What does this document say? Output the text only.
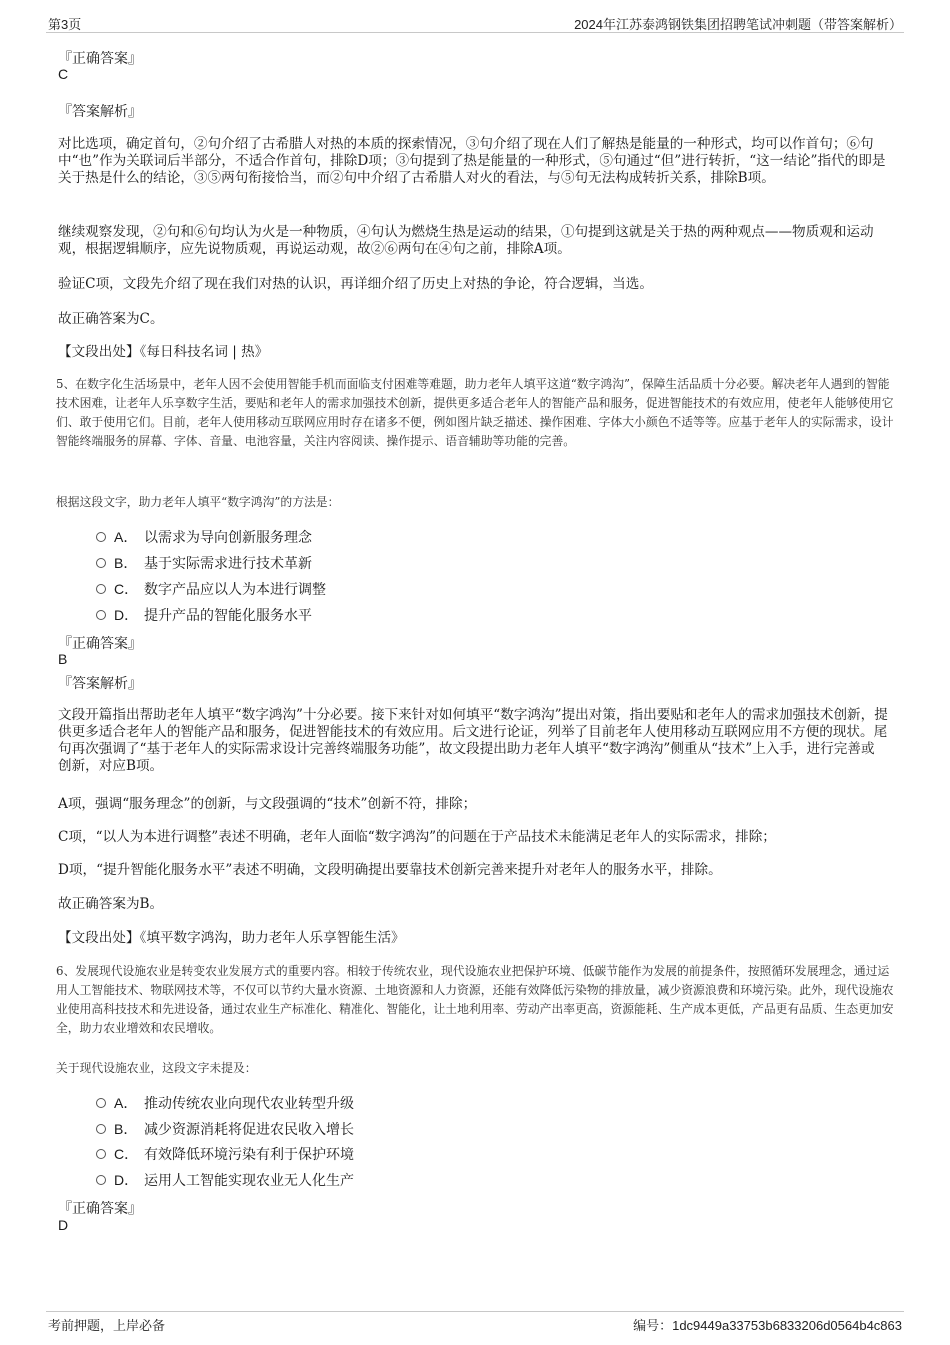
第3页	2024年江苏泰鸿钢铁集团招聘笔试冲刺题（带答案解析）
『正确答案』
C
『答案解析』
对比选项，确定首句，②句介绍了古希腊人对热的本质的探索情况，③句介绍了现在人们了解热是能量的一种形式，均可以作首句；⑥句中“也”作为关联词后半部分，不适合作首句，排除D项；③句提到了热是能量的一种形式，⑤句通过“但”进行转折，“这一结论”指代的即是关于热是什么的结论，③⑤两句衔接恰当，而②句中介绍了古希腊人对火的看法，与⑤句无法构成转折关系，排除B项。
继续观察发现，②句和⑥句均认为火是一种物质，④句认为燃烧生热是运动的结果，①句提到这就是关于热的两种观点——物质观和运动观，根据逻辑顺序，应先说物质观，再说运动观，故②⑥两句在④句之前，排除A项。
验证C项，文段先介绍了现在我们对热的认识，再详细介绍了历史上对热的争论，符合逻辑，当选。
故正确答案为C。
【文段出处】《每日科技名词 | 热》
5、在数字化生活场景中，老年人因不会使用智能手机而面临支付困难等难题，助力老年人填平这道“数字鸿沟”，保障生活品质十分必要。解决老年人遇到的智能技术困难，让老年人乐享数字生活，要贴和老年人的需求加强技术创新，提供更多适合老年人的智能产品和服务，促进智能技术的有效应用，使老年人能够使用它们、敢于使用它们。目前，老年人使用移动互联网应用时存在诸多不便，例如图片缺乏描述、操作困难、字体大小颜色不适等等。应基于老年人的实际需求，设计智能终端服务的屏幕、字体、音量、电池容量，关注内容阅读、操作提示、语音辅助等功能的完善。
根据这段文字，助力老年人填平“数字鸿沟”的方法是：
A． 以需求为导向创新服务理念
B． 基于实际需求进行技术革新
C． 数字产品应以人为本进行调整
D． 提升产品的智能化服务水平
『正确答案』
B
『答案解析』
文段开篇指出帮助老年人填平“数字鸿沟”十分必要。接下来针对如何填平“数字鸿沟”提出对策，指出要贴和老年人的需求加强技术创新，提供更多适合老年人的智能产品和服务，促进智能技术的有效应用。后文进行论证，列举了目前老年人使用移动互联网应用不方便的现状。尾句再次强调了“基于老年人的实际需求设计完善终端服务功能”，故文段提出助力老年人填平“数字鸿沟”侧重从“技术”上入手，进行完善或创新，对应B项。
A项，强调“服务理念”的创新，与文段强调的“技术”创新不符，排除；
C项，“以人为本进行调整”表述不明确，老年人面临“数字鸿沟”的问题在于产品技术未能满足老年人的实际需求，排除；
D项，“提升智能化服务水平”表述不明确，文段明确提出要靠技术创新完善来提升对老年人的服务水平，排除。
故正确答案为B。
【文段出处】《填平数字鸿沟，助力老年人乐享智能生活》
6、发展现代设施农业是转变农业发展方式的重要内容。相较于传统农业，现代设施农业把保护环境、低碳节能作为发展的前提条件，按照循环发展理念，通过运用人工智能技术、物联网技术等，不仅可以节约大量水资源、土地资源和人力资源，还能有效降低污染物的排放量，减少资源浪费和环境污染。此外，现代设施农业使用高科技技术和先进设备，通过农业生产标准化、精准化、智能化，让土地利用率、劳动产出率更高，资源能耗、生产成本更低，产品更有品质、生态更加安全，助力农业增效和农民增收。
关于现代设施农业，这段文字未提及：
A． 推动传统农业向现代农业转型升级
B． 减少资源消耗将促进农民收入增长
C． 有效降低环境污染有利于保护环境
D． 运用人工智能实现农业无人化生产
『正确答案』
D
考前押题，上岸必备	编号：1dc9449a33753b6833206d0564b4c863
